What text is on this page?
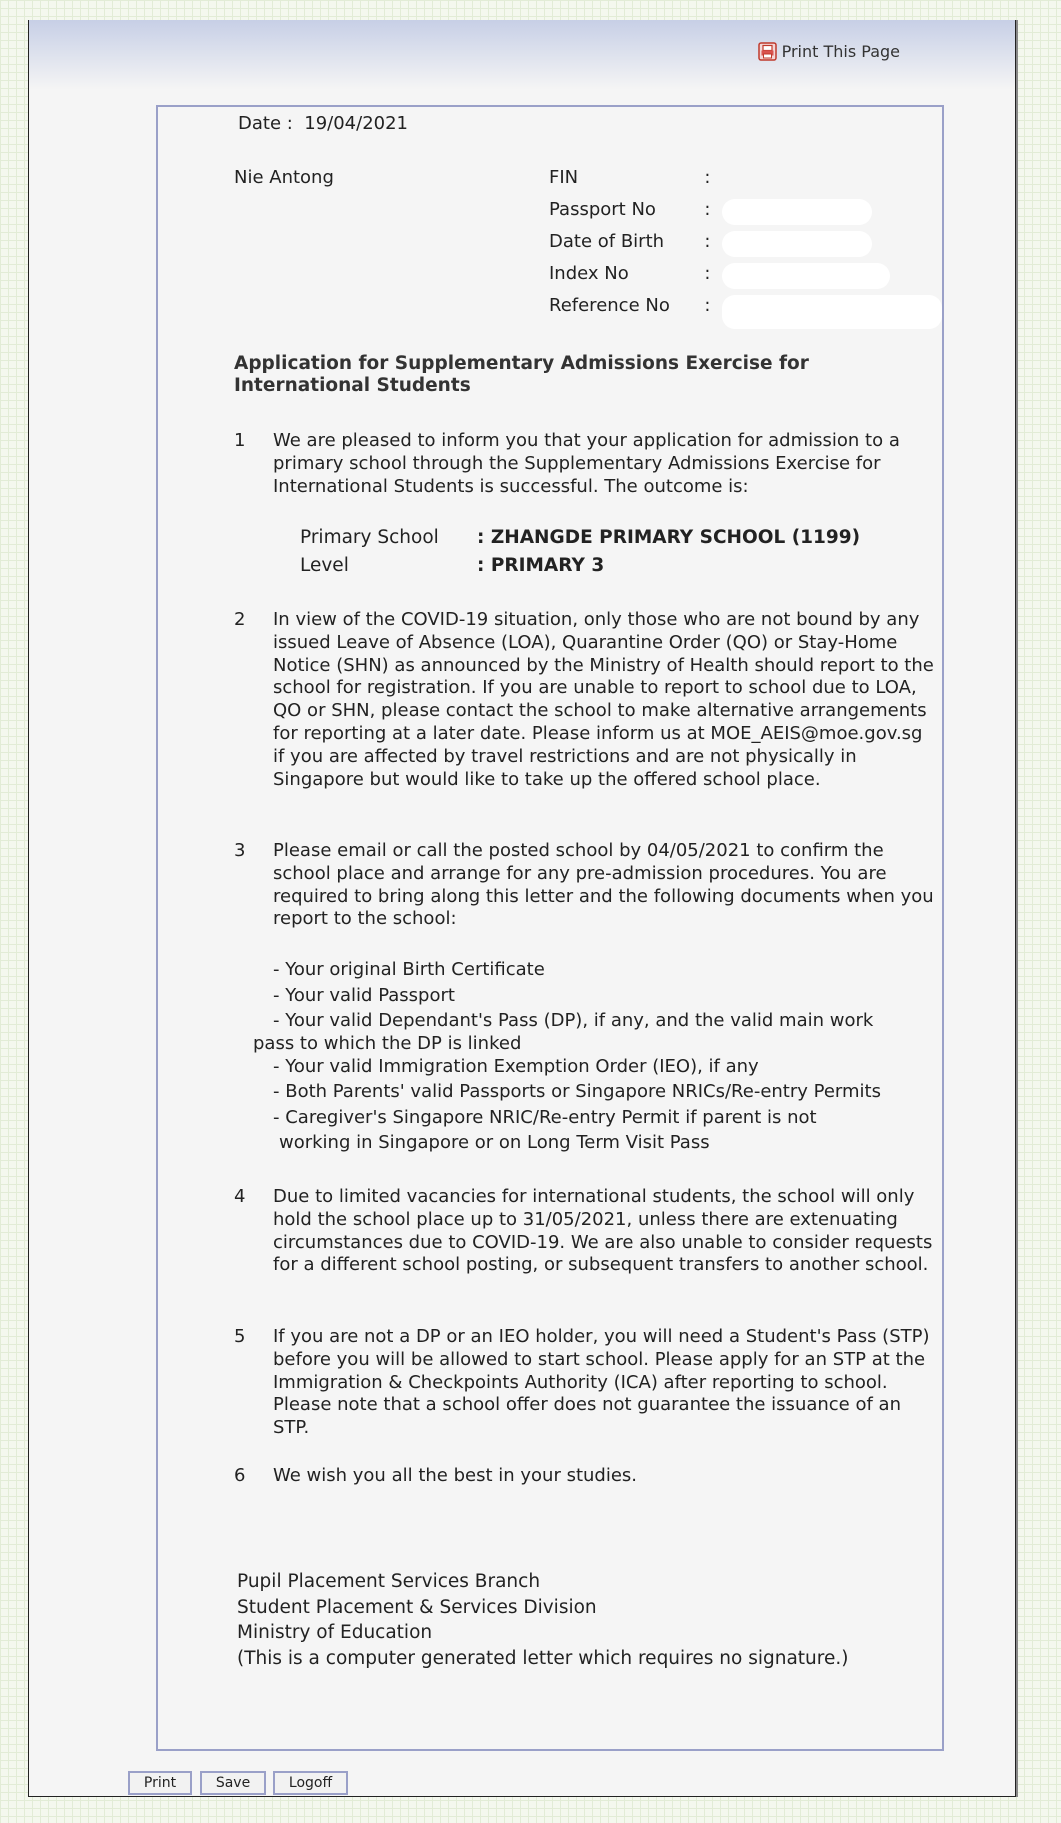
Print This Page
Date : 19/04/2021
Nie Antong	FIN	:	
Passport No	:	
Date of Birth	:	
Index No	:	
Reference No	:	
Application for Supplementary Admissions Exercise for International Students
1	We are pleased to inform you that your application for admission to a primary school through the Supplementary Admissions Exercise for International Students is successful. The outcome is:
Primary School	: ZHANGDE PRIMARY SCHOOL (1199)
Level	: PRIMARY 3
2	In view of the COVID-19 situation, only those who are not bound by any issued Leave of Absence (LOA), Quarantine Order (QO) or Stay-Home Notice (SHN) as announced by the Ministry of Health should report to the school for registration. If you are unable to report to school due to LOA, QO or SHN, please contact the school to make alternative arrangements for reporting at a later date. Please inform us at MOE_AEIS@moe.gov.sg if you are affected by travel restrictions and are not physically in Singapore but would like to take up the offered school place.
3	Please email or call the posted school by 04/05/2021 to confirm the school place and arrange for any pre-admission procedures. You are required to bring along this letter and the following documents when you report to the school:
- Your original Birth Certificate
- Your valid Passport
- Your valid Dependant's Pass (DP), if any, and the valid main work
pass to which the DP is linked
- Your valid Immigration Exemption Order (IEO), if any
- Both Parents' valid Passports or Singapore NRICs/Re-entry Permits
- Caregiver's Singapore NRIC/Re-entry Permit if parent is not
working in Singapore or on Long Term Visit Pass
4	Due to limited vacancies for international students, the school will only hold the school place up to 31/05/2021, unless there are extenuating circumstances due to COVID-19. We are also unable to consider requests for a different school posting, or subsequent transfers to another school.
5	If you are not a DP or an IEO holder, you will need a Student's Pass (STP) before you will be allowed to start school. Please apply for an STP at the Immigration & Checkpoints Authority (ICA) after reporting to school. Please note that a school offer does not guarantee the issuance of an STP.
6	We wish you all the best in your studies.
Pupil Placement Services Branch
Student Placement & Services Division
Ministry of Education
(This is a computer generated letter which requires no signature.)
Print	Save	Logoff
